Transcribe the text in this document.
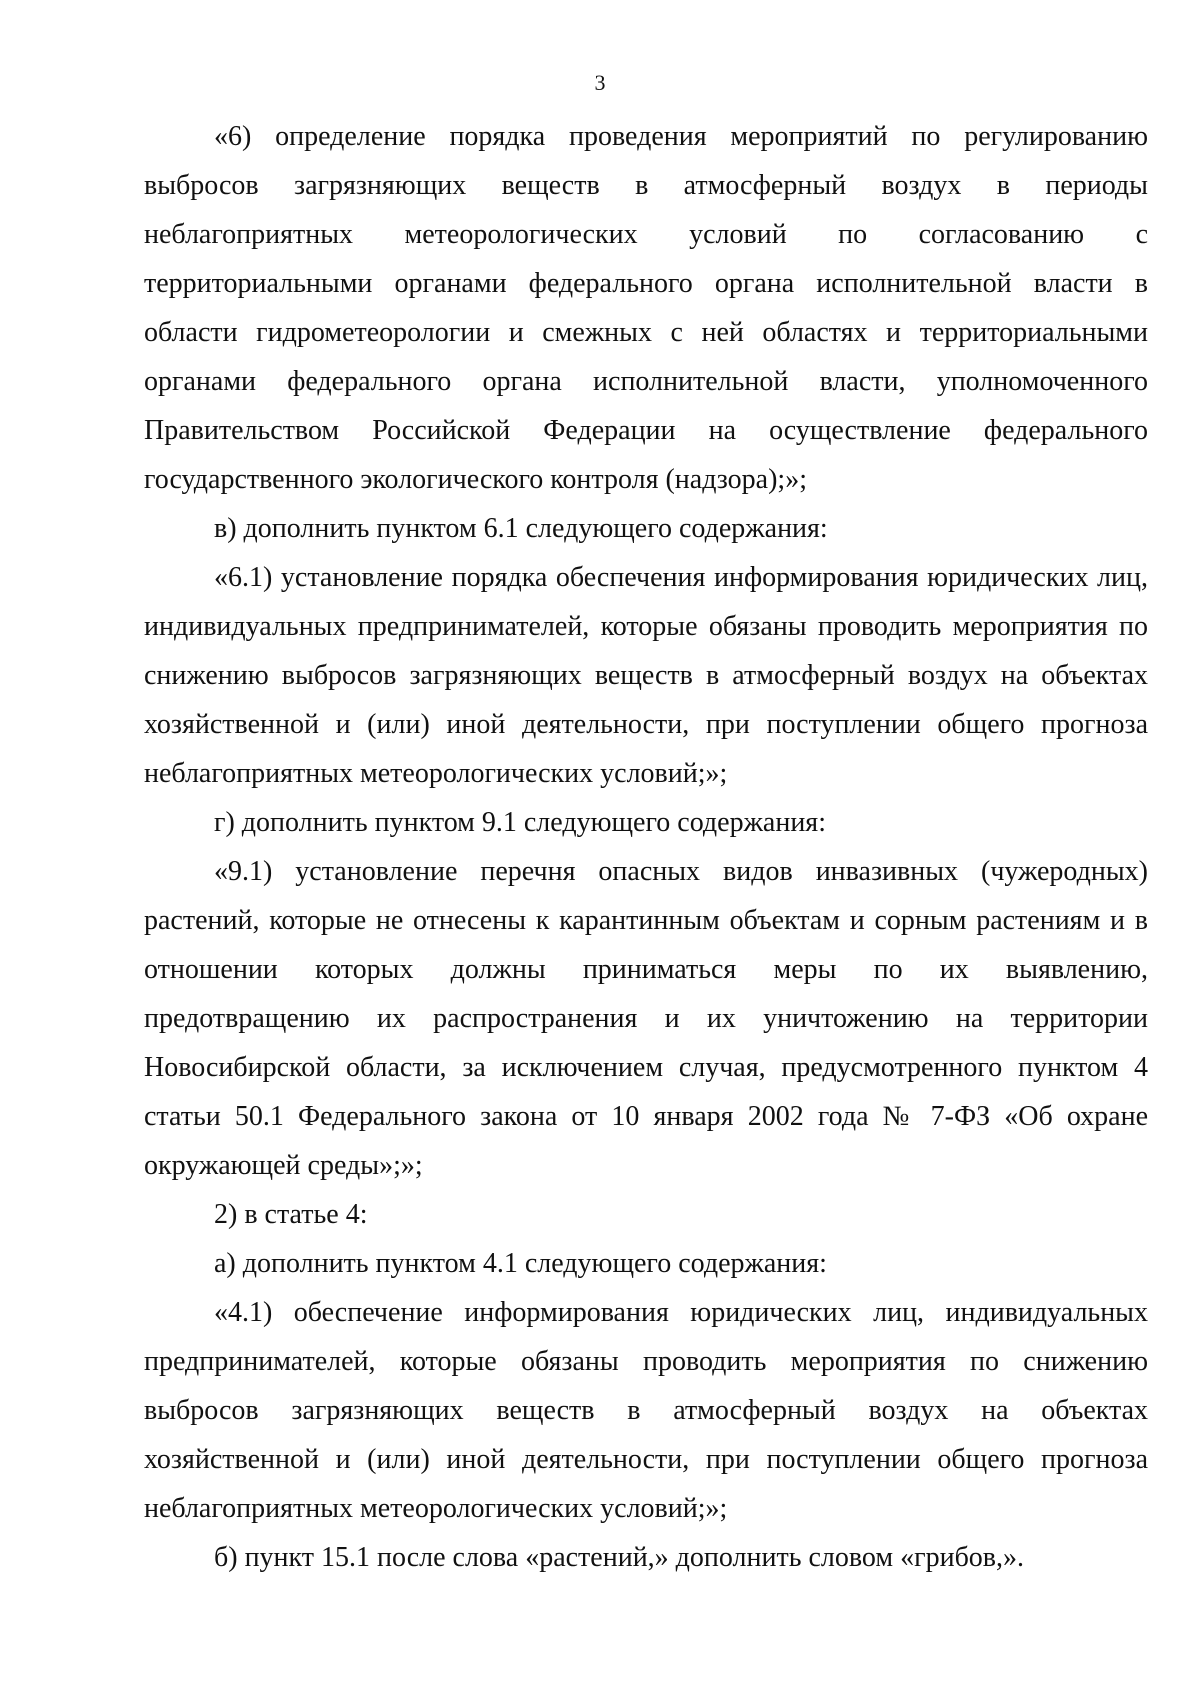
3

«6) определение порядка проведения мероприятий по регулированию выбросов загрязняющих веществ в атмосферный воздух в периоды неблагоприятных метеорологических условий по согласованию с территориальными органами федерального органа исполнительной власти в области гидрометеорологии и смежных с ней областях и территориальными органами федерального органа исполнительной власти, уполномоченного Правительством Российской Федерации на осуществление федерального государственного экологического контроля (надзора);»;

в) дополнить пунктом 6.1 следующего содержания:

«6.1) установление порядка обеспечения информирования юридических лиц, индивидуальных предпринимателей, которые обязаны проводить мероприятия по снижению выбросов загрязняющих веществ в атмосферный воздух на объектах хозяйственной и (или) иной деятельности, при поступлении общего прогноза неблагоприятных метеорологических условий;»;

г) дополнить пунктом 9.1 следующего содержания:

«9.1) установление перечня опасных видов инвазивных (чужеродных) растений, которые не отнесены к карантинным объектам и сорным растениям и в отношении которых должны приниматься меры по их выявлению, предотвращению их распространения и их уничтожению на территории Новосибирской области, за исключением случая, предусмотренного пунктом 4 статьи 50.1 Федерального закона от 10 января 2002 года № 7-ФЗ «Об охране окружающей среды»;»;

2) в статье 4:

а) дополнить пунктом 4.1 следующего содержания:

«4.1) обеспечение информирования юридических лиц, индивидуальных предпринимателей, которые обязаны проводить мероприятия по снижению выбросов загрязняющих веществ в атмосферный воздух на объектах хозяйственной и (или) иной деятельности, при поступлении общего прогноза неблагоприятных метеорологических условий;»;

б) пункт 15.1 после слова «растений,» дополнить словом «грибов,».
